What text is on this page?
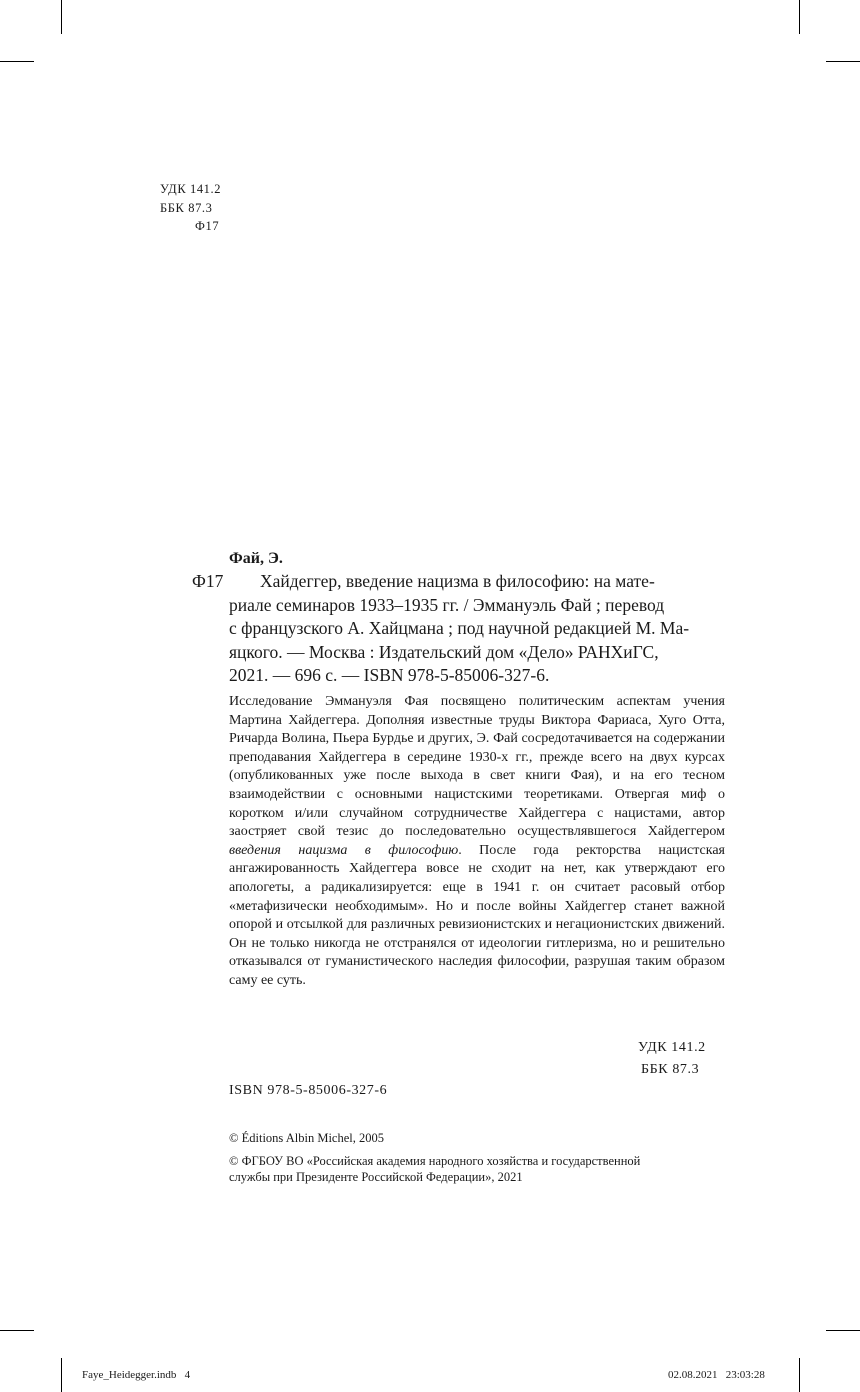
УДК 141.2
ББК 87.3
Ф17
Фай, Э.
Ф17 Хайдеггер, введение нацизма в философию: на мате-
риале семинаров 1933–1935 гг. / Эммануэль Фай ; перевод
с французского А. Хайцмана ; под научной редакцией М. Ма-
яцкого. — Москва : Издательский дом «Дело» РАНХиГС,
2021. — 696 с. — ISBN 978-5-85006-327-6.
Исследование Эммануэля Фая посвящено политическим аспектам учения Мартина Хайдеггера. Дополняя известные труды Виктора Фариаса, Хуго Отта, Ричарда Волина, Пьера Бурдье и других, Э. Фай сосредотачивается на содержании преподавания Хайдеггера в середине 1930-х гг., прежде всего на двух курсах (опубликованных уже после выхода в свет книги Фая), и на его тесном взаимодействии с основными нацистскими теоретиками. Отвергая миф о коротком и/или случайном сотрудничестве Хайдеггера с нацистами, автор заостряет свой тезис до последовательно осуществлявшегося Хайдеггером введения нацизма в философию. После года ректорства нацистская ангажированность Хайдеггера вовсе не сходит на нет, как утверждают его апологеты, а радикализируется: еще в 1941 г. он считает расовый отбор «метафизически необходимым». Но и после войны Хайдеггер станет важной опорой и отсылкой для различных ревизионистских и негационистских движений. Он не только никогда не отстранялся от идеологии гитлеризма, но и решительно отказывался от гуманистического наследия философии, разрушая таким образом саму ее суть.
УДК 141.2
ББК 87.3
ISBN 978-5-85006-327-6
© Éditions Albin Michel, 2005
© ФГБОУ ВО «Российская академия народного хозяйства и государственной
службы при Президенте Российской Федерации», 2021
Faye_Heidegger.indb   4	02.08.2021   23:03:28
